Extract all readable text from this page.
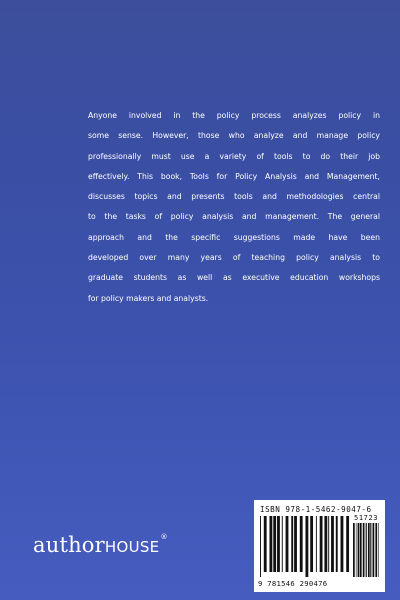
Anyone involved in the policy process analyzes policy in
some sense. However, those who analyze and manage policy
professionally must use a variety of tools to do their job
effectively. This book, Tools for Policy Analysis and Management,
discusses topics and presents tools and methodologies central
to the tasks of policy analysis and management. The general
approach and the specific suggestions made have been
developed over many years of teaching policy analysis to
graduate students as well as executive education workshops
for policy makers and analysts.
authorHOUSE®
ISBN 978-1-5462-9047-6
51723
9 781546 290476
